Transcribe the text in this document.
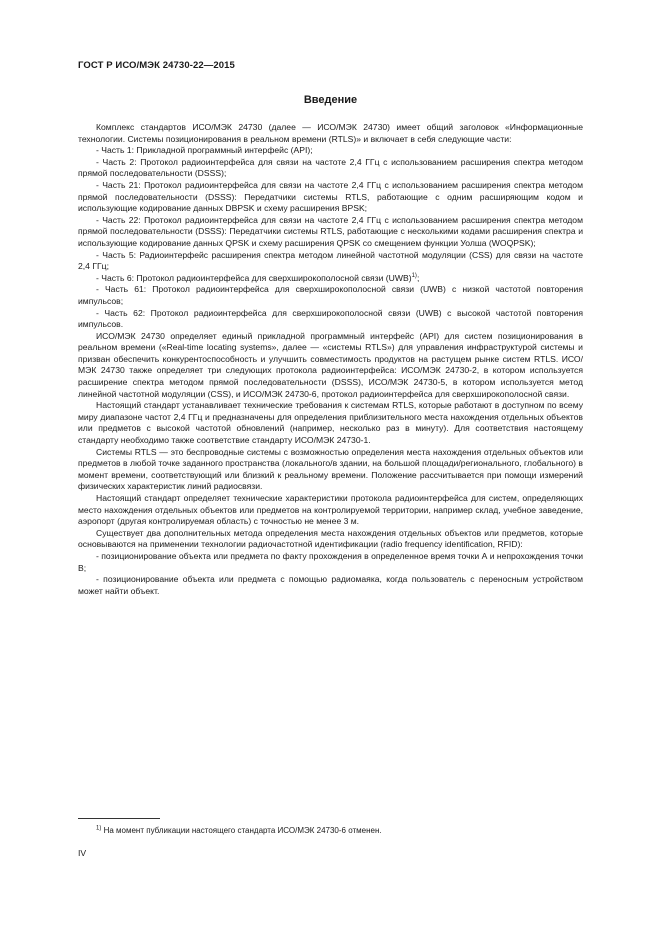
ГОСТ Р ИСО/МЭК 24730-22—2015
Введение

Комплекс стандартов ИСО/МЭК 24730 (далее — ИСО/МЭК 24730) имеет общий заголовок «Информационные технологии. Системы позиционирования в реальном времени (RTLS)» и включает в себя следующие части:

- Часть 1: Прикладной программный интерфейс (API);

- Часть 2: Протокол радиоинтерфейса для связи на частоте 2,4 ГГц с использованием расширения спектра методом прямой последовательности (DSSS);

- Часть 21: Протокол радиоинтерфейса для связи на частоте 2,4 ГГц с использованием расширения спектра методом прямой последовательности (DSSS): Передатчики системы RTLS, работающие с одним расширяющим кодом и использующие кодирование данных DBPSK и схему расширения BPSK;

- Часть 22: Протокол радиоинтерфейса для связи на частоте 2,4 ГГц с использованием расширения спектра методом прямой последовательности (DSSS): Передатчики системы RTLS, работающие с несколькими кодами расширения спектра и использующие кодирование данных QPSK и схему расширения QPSK со смещением функции Уолша (WOQPSK);

- Часть 5: Радиоинтерфейс расширения спектра методом линейной частотной модуляции (CSS) для связи на частоте 2,4 ГГц;

- Часть 6: Протокол радиоинтерфейса для сверхширокополосной связи (UWB)$^{1)}$;

- Часть 61: Протокол радиоинтерфейса для сверхширокополосной связи (UWB) с низкой частотой повторения импульсов;

- Часть 62: Протокол радиоинтерфейса для сверхширокополосной связи (UWB) с высокой частотой повторения импульсов.

ИСО/МЭК 24730 определяет единый прикладной программный интерфейс (API) для систем позиционирования в реальном времени («Real-time locating systems», далее — «системы RTLS») для управления инфраструктурой системы и призван обеспечить конкурентоспособность и улучшить совместимость продуктов на растущем рынке систем RTLS. ИСО/МЭК 24730 также определяет три следующих протокола радиоинтерфейса: ИСО/МЭК 24730-2, в котором используется расширение спектра методом прямой последовательности (DSSS), ИСО/МЭК 24730-5, в котором используется метод линейной частотной модуляции (CSS), и ИСО/МЭК 24730-6, протокол радиоинтерфейса для сверхширокополосной связи.

Настоящий стандарт устанавливает технические требования к системам RTLS, которые работают в доступном по всему миру диапазоне частот 2,4 ГГц и предназначены для определения приблизительного места нахождения отдельных объектов или предметов с высокой частотой обновлений (например, несколько раз в минуту). Для соответствия настоящему стандарту необходимо также соответствие стандарту ИСО/МЭК 24730-1.

Системы RTLS — это беспроводные системы с возможностью определения места нахождения отдельных объектов или предметов в любой точке заданного пространства (локального/в здании, на большой площади/регионального, глобального) в момент времени, соответствующий или близкий к реальному времени. Положение рассчитывается при помощи измерений физических характеристик линий радиосвязи.

Настоящий стандарт определяет технические характеристики протокола радиоинтерфейса для систем, определяющих место нахождения отдельных объектов или предметов на контролируемой территории, например склад, учебное заведение, аэропорт (другая контролируемая область) с точностью не менее 3 м.

Существует два дополнительных метода определения места нахождения отдельных объектов или предметов, которые основываются на применении технологии радиочастотной идентификации (radio frequency identification, RFID):

- позиционирование объекта или предмета по факту прохождения в определенное время точки А и непрохождения точки В;

- позиционирование объекта или предмета с помощью радиомаяка, когда пользователь с переносным устройством может найти объект.

$^{1)}$ На момент публикации настоящего стандарта ИСО/МЭК 24730-6 отменен.
IV
